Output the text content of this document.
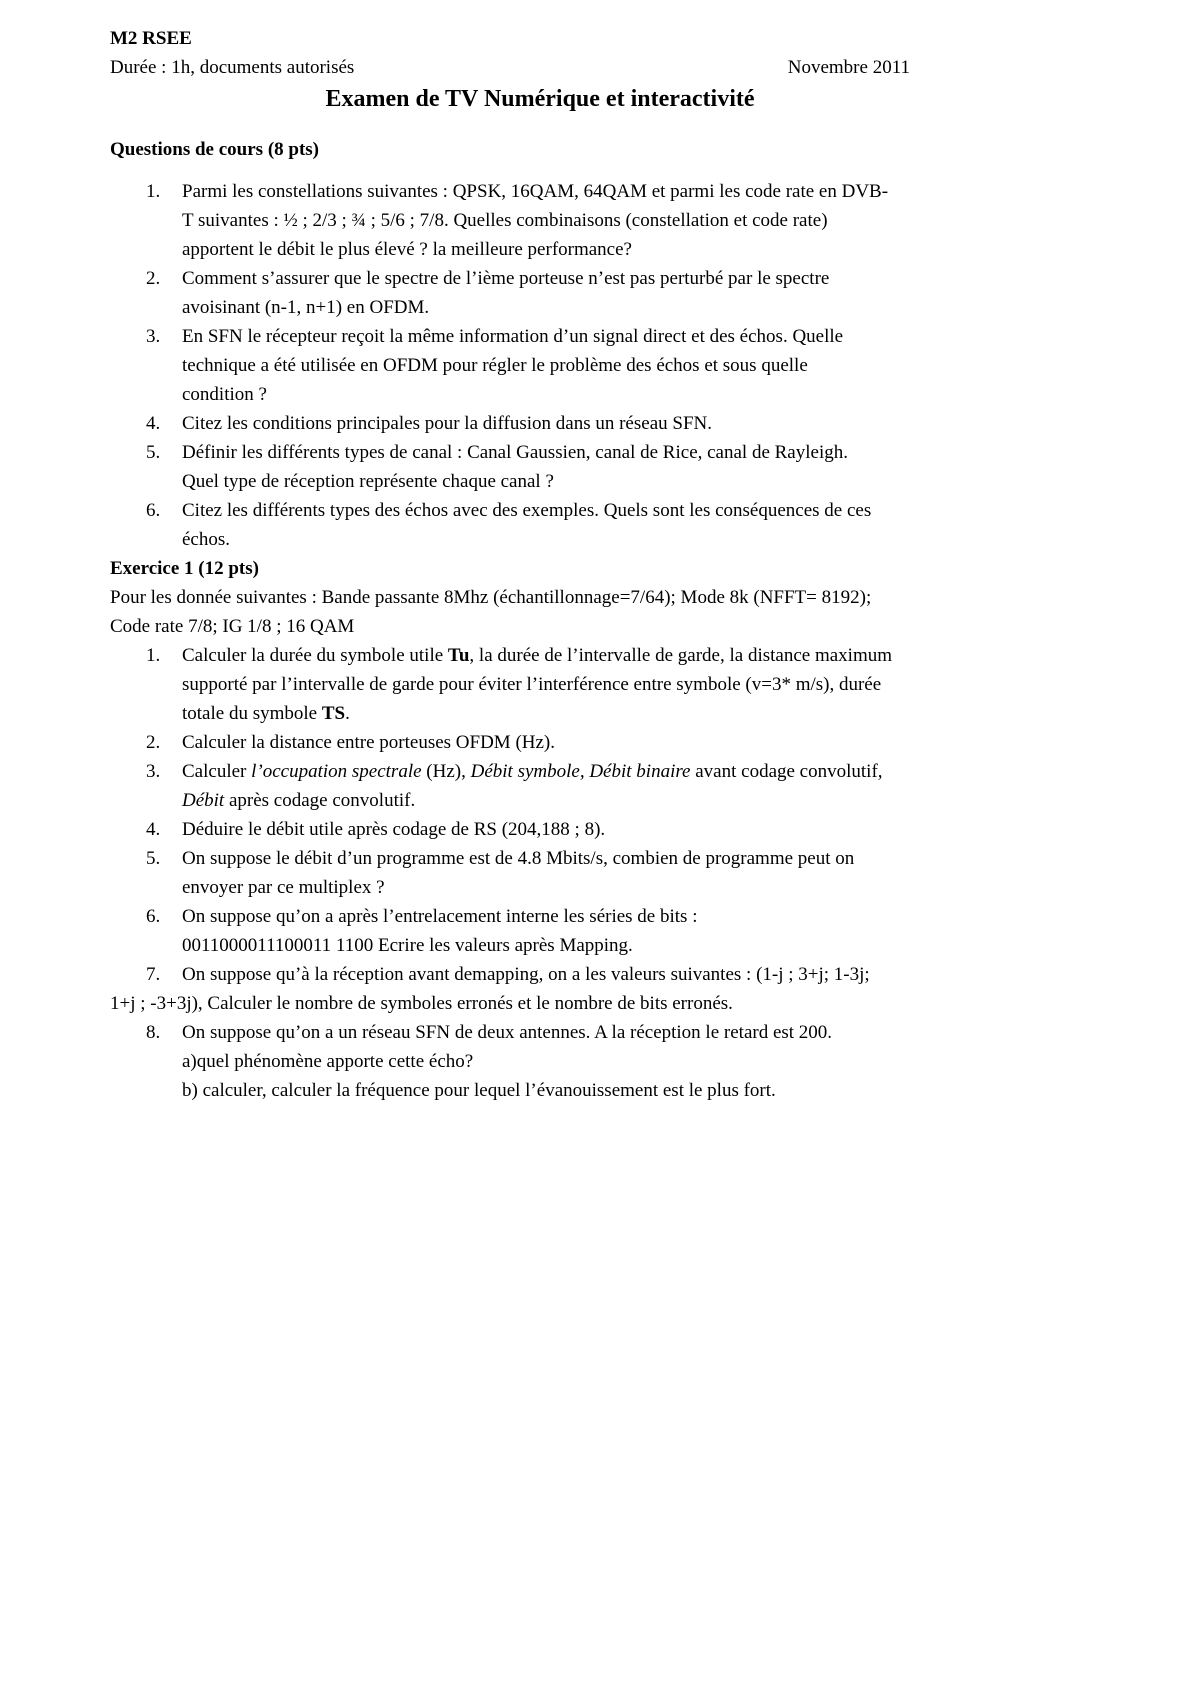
M2 RSEE
Durée : 1h, documents autorisés	Novembre 2011
Examen de TV Numérique et interactivité
Questions de cours (8 pts)
1. Parmi les constellations suivantes : QPSK, 16QAM, 64QAM et parmi les code rate en DVB-
T suivantes : ½ ; 2/3 ; ¾ ; 5/6 ; 7/8. Quelles combinaisons (constellation et code rate)
apportent le débit le plus élevé ? la meilleure performance?
2. Comment s’assurer que le spectre de l’ième porteuse n’est pas perturbé par le spectre
avoisinant (n-1, n+1) en OFDM.
3. En SFN le récepteur reçoit la même information d’un signal direct et des échos. Quelle
technique a été utilisée en OFDM pour régler le problème des échos et sous quelle
condition ?
4. Citez les conditions principales pour la diffusion dans un réseau SFN.
5. Définir les différents types de canal : Canal Gaussien, canal de Rice, canal de Rayleigh.
Quel type de réception représente chaque canal ?
6. Citez les différents types des échos avec des exemples. Quels sont les conséquences de ces
échos.
Exercice 1 (12 pts)
Pour les donnée suivantes : Bande passante 8Mhz (échantillonnage=7/64); Mode 8k (NFFT= 8192);
Code rate 7/8; IG 1/8 ; 16 QAM
1. Calculer la durée du symbole utile Tu, la durée de l’intervalle de garde, la distance maximum
supporté par l’intervalle de garde pour éviter l’interférence entre symbole (v=3* m/s), durée
totale du symbole TS.
2. Calculer la distance entre porteuses OFDM (Hz).
3. Calculer l’occupation spectrale (Hz), Débit symbole, Débit binaire avant codage convolutif,
Débit après codage convolutif.
4. Déduire le débit utile après codage de RS (204,188 ; 8).
5. On suppose le débit d’un programme est de 4.8 Mbits/s, combien de programme peut on
envoyer par ce multiplex ?
6. On suppose qu’on a après l’entrelacement interne les séries de bits :
0011000011100011 1100 Ecrire les valeurs après Mapping.
7. On suppose qu’à la réception avant demapping, on a les valeurs suivantes : (1-j ; 3+j; 1-3j;
1+j ; -3+3j), Calculer le nombre de symboles erronés et le nombre de bits erronés.
8. On suppose qu’on a un réseau SFN de deux antennes. A la réception le retard est 200.
a)quel phénomène apporte cette écho?
b) calculer, calculer la fréquence pour lequel l’évanouissement est le plus fort.
